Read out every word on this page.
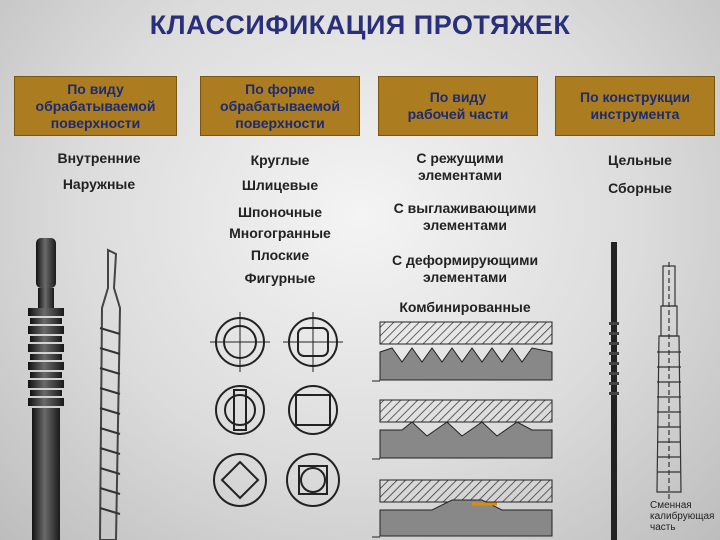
КЛАССИФИКАЦИЯ ПРОТЯЖЕК
По виду
обрабатываемой
поверхности
По форме
обрабатываемой
поверхности
По виду
рабочей части
По конструкции
инструмента
Внутренние
Наружные
Круглые
Шлицевые
Шпоночные
Многогранные
Плоские
Фигурные
С режущими
элементами
С выглаживающими
элементами
С деформирующими
элементами
Комбинированные
Цельные
Сборные
Сменная
калибрующая
часть
